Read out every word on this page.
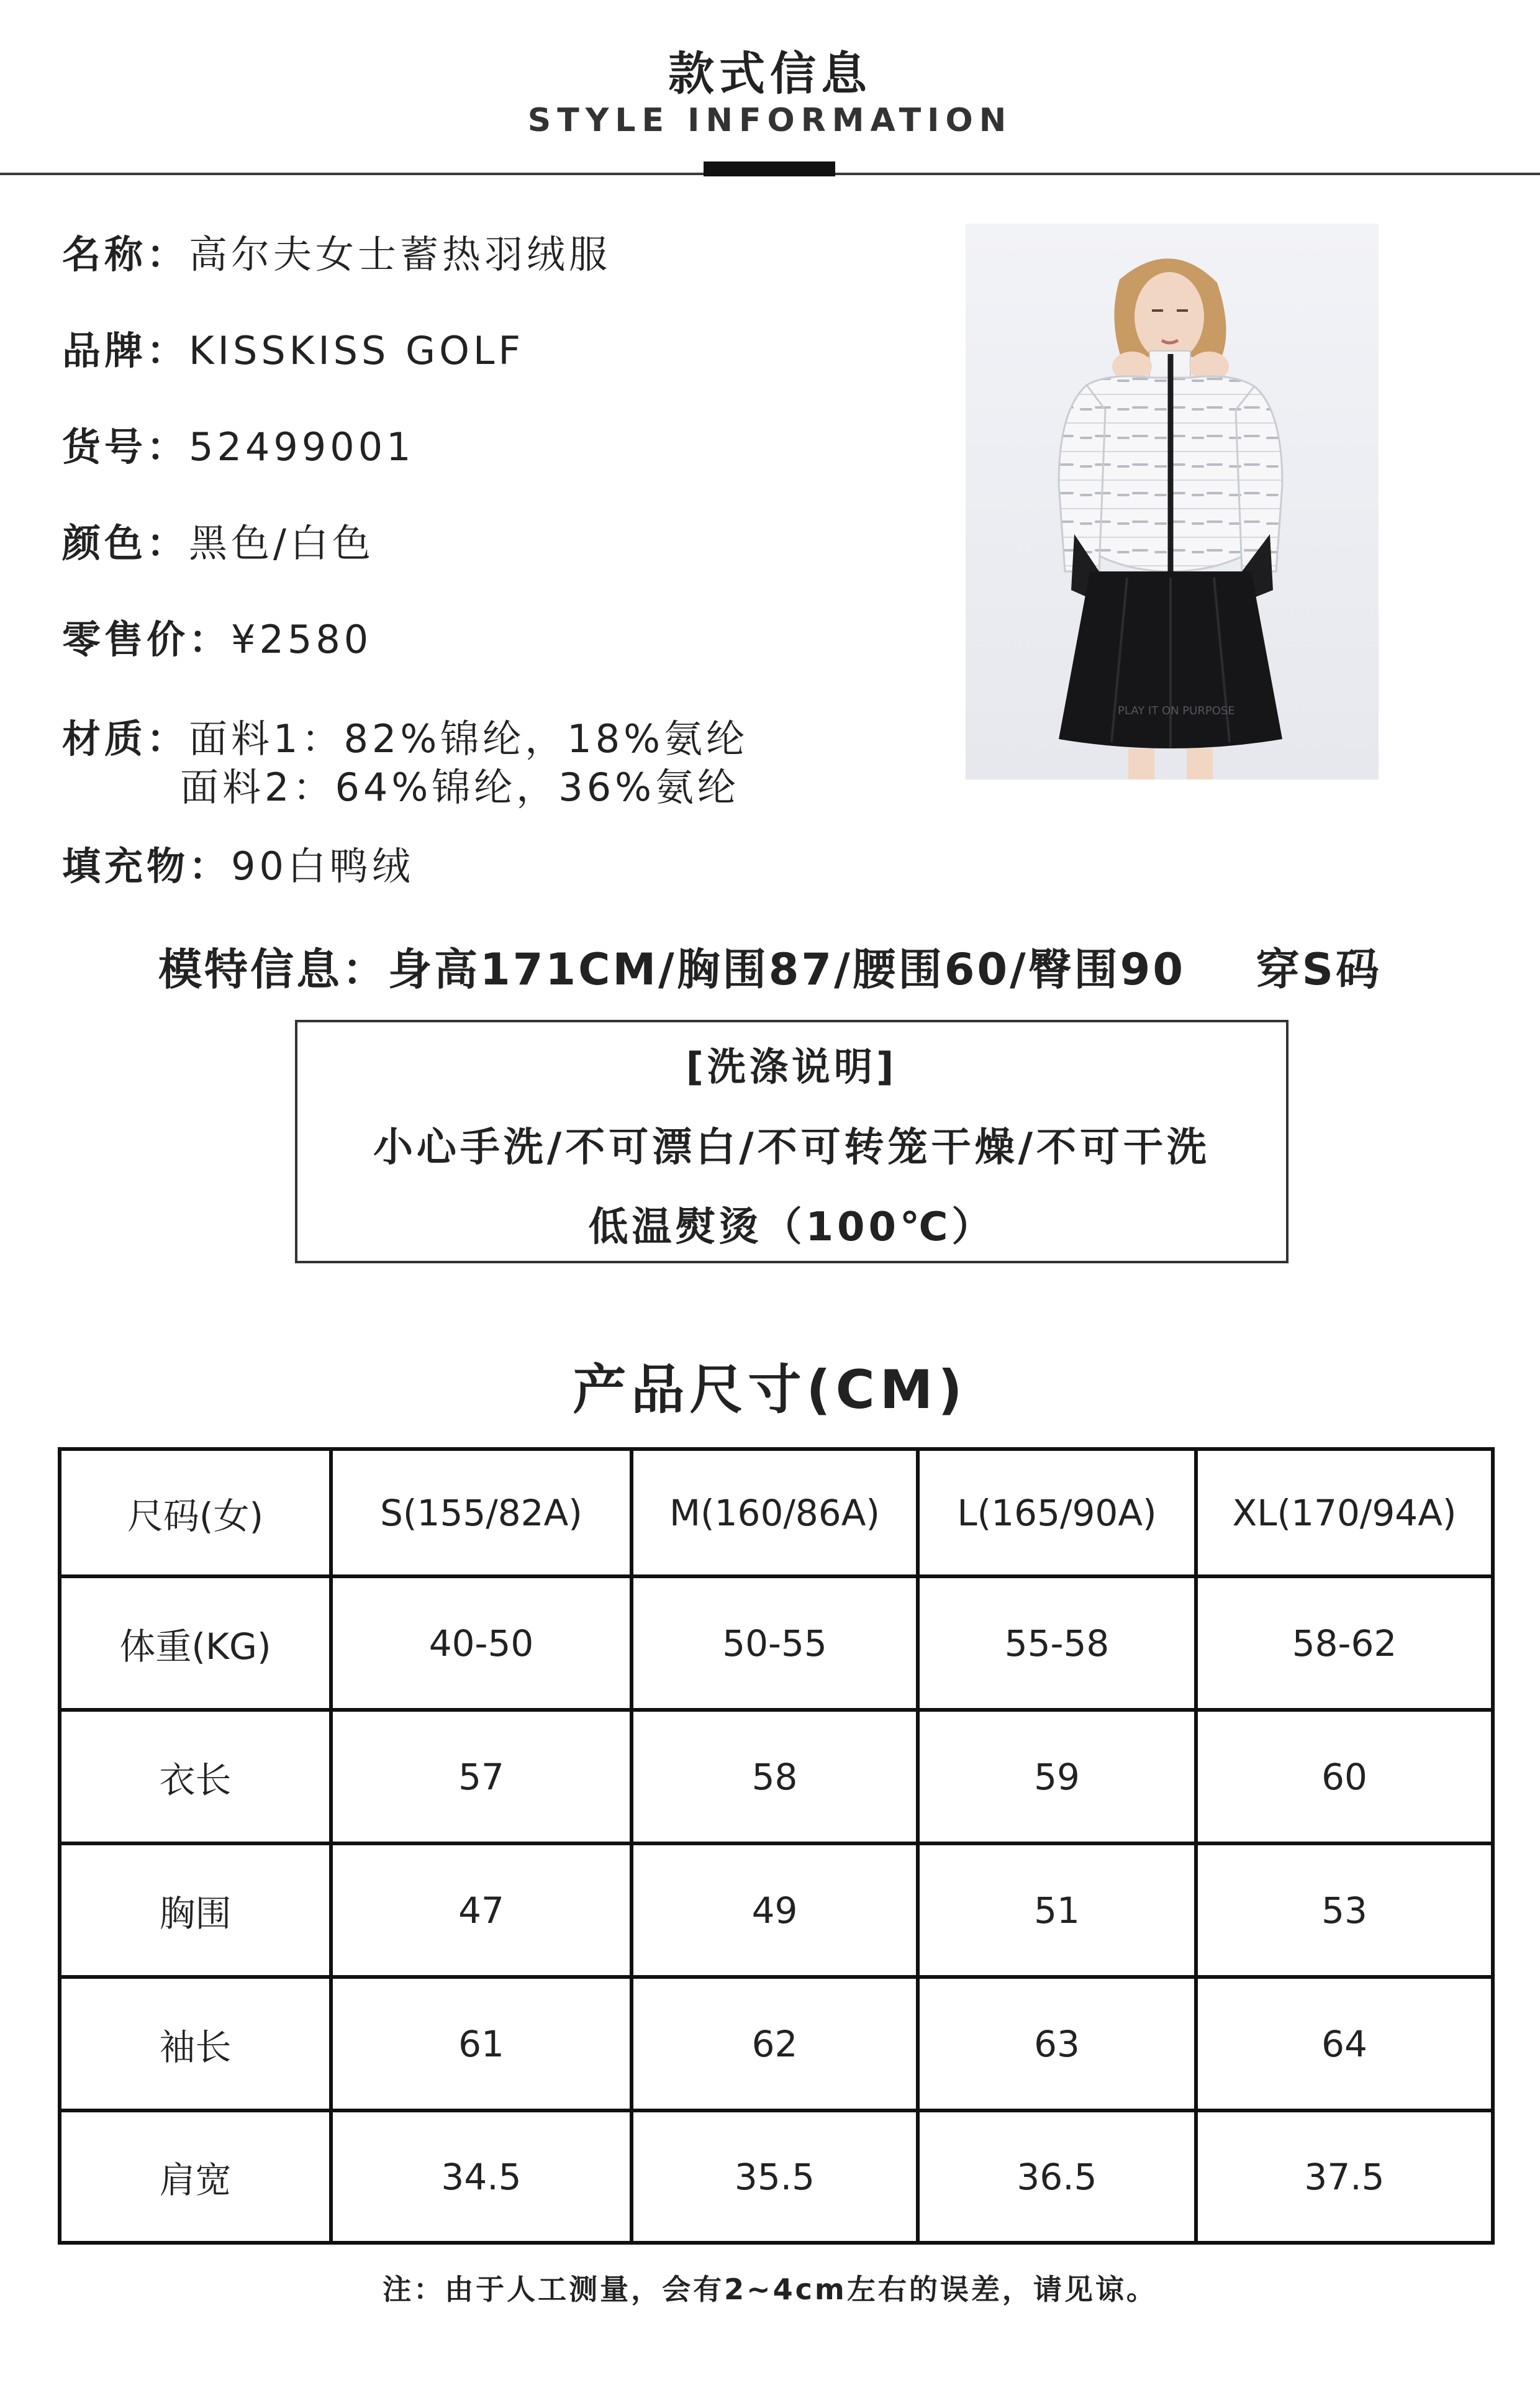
款式信息
STYLE INFORMATION
名称：高尔夫女士蓄热羽绒服
品牌：KISSKISS GOLF
货号：52499001
颜色：黑色/白色
零售价：¥2580
材质：面料1：82%锦纶，18%氨纶
面料2：64%锦纶，36%氨纶
填充物：90白鸭绒
PLAY IT ON PURPOSE
模特信息：身高171CM/胸围87/腰围60/臀围90    穿S码
[洗涤说明]
小心手洗/不可漂白/不可转笼干燥/不可干洗
低温熨烫（100℃）
产品尺寸(CM)
尺码(女)	S(155/82A)	M(160/86A)	L(165/90A)	XL(170/94A)
体重(KG)	40-50	50-55	55-58	58-62
衣长	57	58	59	60
胸围	47	49	51	53
袖长	61	62	63	64
肩宽	34.5	35.5	36.5	37.5
注：由于人工测量，会有2~4cm左右的误差，请见谅。
